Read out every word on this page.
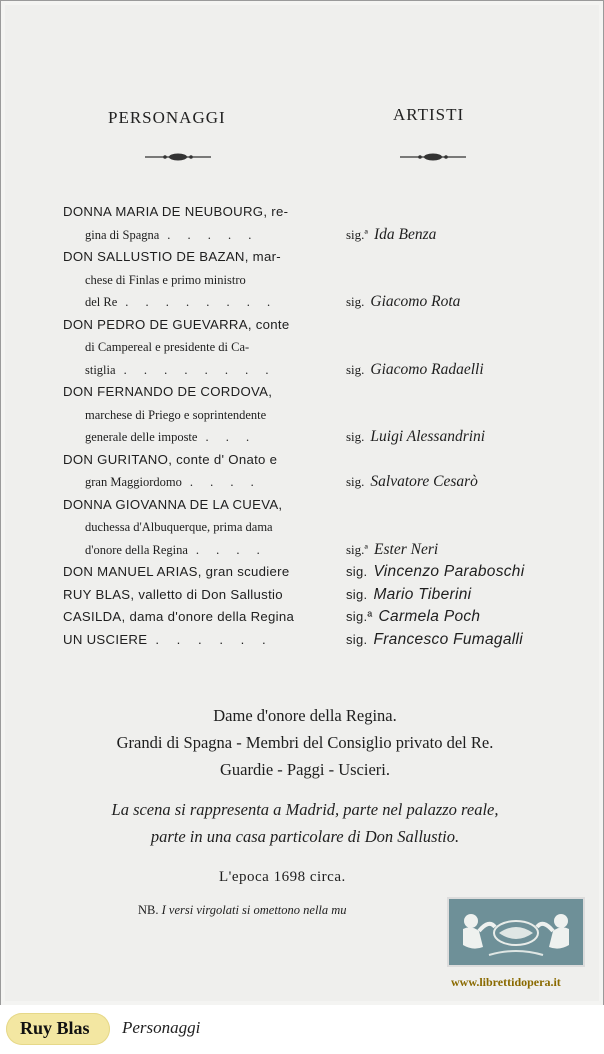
PERSONAGGI	ARTISTI
DONNA MARIA DE NEUBOURG, re-
gina di Spagna . . . . .	sig.ª Ida Benza
DON SALLUSTIO DE BAZAN, mar-
chese di Finlas e primo ministro
del Re . . . . . . . .	sig. Giacomo Rota
DON PEDRO DE GUEVARRA, conte
di Campereal e presidente di Ca-
stiglia . . . . . . . .	sig. Giacomo Radaelli
DON FERNANDO DE CORDOVA,
marchese di Priego e soprintendente
generale delle imposte . . .	sig. Luigi Alessandrini
DON GURITANO, conte d' Onato e
gran Maggiordomo . . . .	sig. Salvatore Cesarò
DONNA GIOVANNA DE LA CUEVA,
duchessa d'Albuquerque, prima dama
d'onore della Regina . . . .	sig.ª Ester Neri
DON MANUEL ARIAS, gran scudiere	sig. Vincenzo Paraboschi
RUY BLAS, valletto di Don Sallustio	sig. Mario Tiberini
CASILDA, dama d'onore della Regina	sig.ª Carmela Poch
UN USCIERE . . . . . .	sig. Francesco Fumagalli
Dame d'onore della Regina.
Grandi di Spagna - Membri del Consiglio privato del Re.
Guardie - Paggi - Uscieri.
La scena si rappresenta a Madrid, parte nel palazzo reale,
parte in una casa particolare di Don Sallustio.
L'epoca 1698 circa.
NB. I versi virgolati si omettono nella mu
www.librettidopera.it
Ruy Blas Personaggi
